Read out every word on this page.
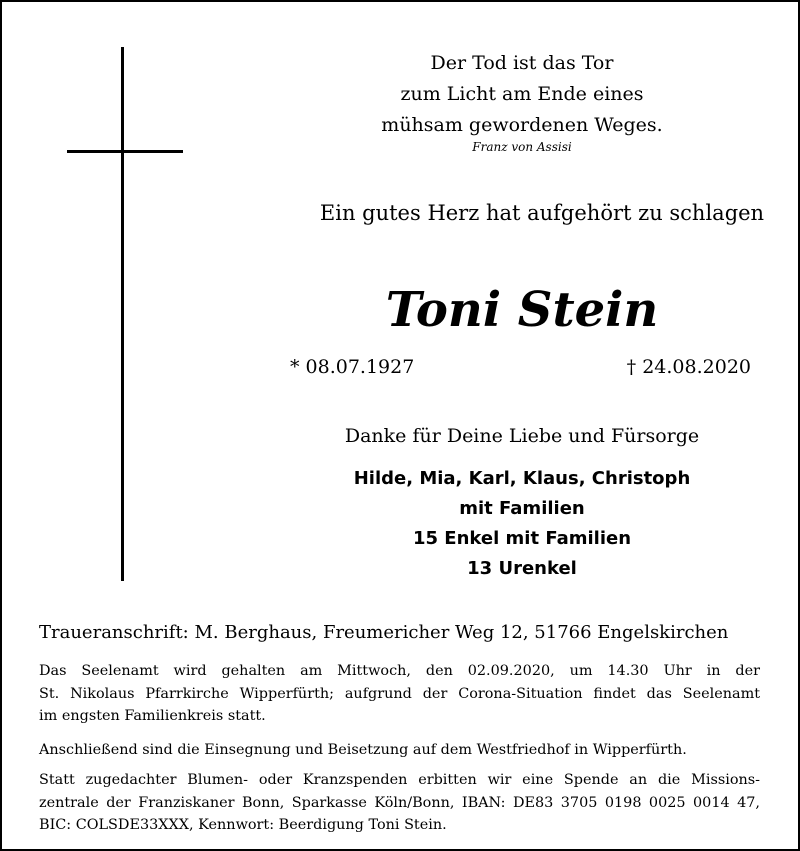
Der Tod ist das Tor
zum Licht am Ende eines
mühsam gewordenen Weges.
Franz von Assisi
Ein gutes Herz hat aufgehört zu schlagen
Toni Stein
* 08.07.1927	† 24.08.2020
Danke für Deine Liebe und Fürsorge
Hilde, Mia, Karl, Klaus, Christoph
mit Familien
15 Enkel mit Familien
13 Urenkel
Traueranschrift: M. Berghaus, Freumericher Weg 12, 51766 Engelskirchen
Das Seelenamt wird gehalten am Mittwoch, den 02.09.2020, um 14.30 Uhr in der
St. Nikolaus Pfarrkirche Wipperfürth; aufgrund der Corona-Situation findet das Seelenamt
im engsten Familienkreis statt.
Anschließend sind die Einsegnung und Beisetzung auf dem Westfriedhof in Wipperfürth.
Statt zugedachter Blumen- oder Kranzspenden erbitten wir eine Spende an die Missions-
zentrale der Franziskaner Bonn, Sparkasse Köln/Bonn, IBAN: DE83 3705 0198 0025 0014 47,
BIC: COLSDE33XXX, Kennwort: Beerdigung Toni Stein.
